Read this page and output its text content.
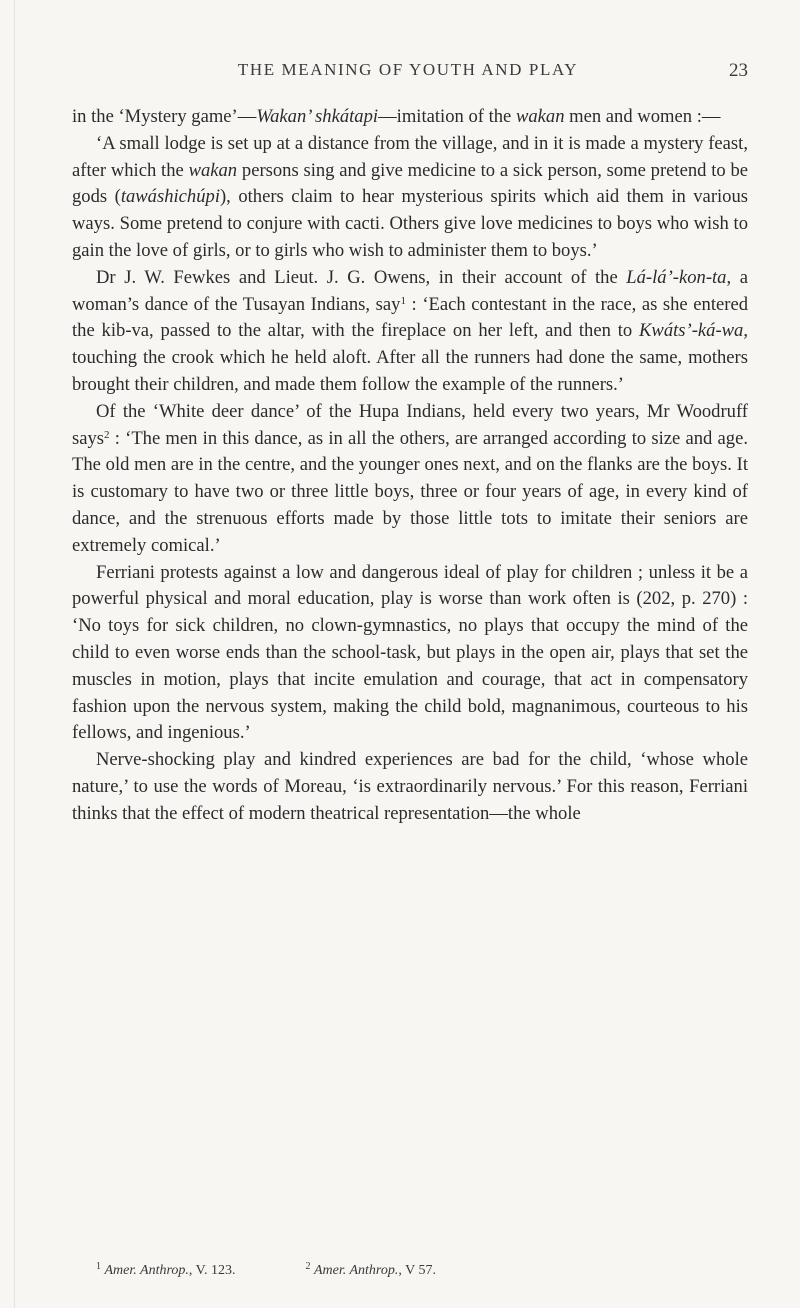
THE MEANING OF YOUTH AND PLAY	23

in the ‘Mystery game’—Wakan’ shkátapi—imitation of the wakan men and women :—

‘A small lodge is set up at a distance from the village, and in it is made a mystery feast, after which the wakan persons sing and give medicine to a sick person, some pretend to be gods (tawáshichúpi), others claim to hear mysterious spirits which aid them in various ways. Some pretend to conjure with cacti. Others give love medicines to boys who wish to gain the love of girls, or to girls who wish to administer them to boys.’

Dr J. W. Fewkes and Lieut. J. G. Owens, in their account of the Lá-lá’-kon-ta, a woman’s dance of the Tusayan Indians, say$^1$ : ‘Each contestant in the race, as she entered the kib-va, passed to the altar, with the fireplace on her left, and then to Kwáts’-ká-wa, touching the crook which he held aloft. After all the runners had done the same, mothers brought their children, and made them follow the example of the runners.’

Of the ‘White deer dance’ of the Hupa Indians, held every two years, Mr Woodruff says$^2$ : ‘The men in this dance, as in all the others, are arranged according to size and age. The old men are in the centre, and the younger ones next, and on the flanks are the boys. It is customary to have two or three little boys, three or four years of age, in every kind of dance, and the strenuous efforts made by those little tots to imitate their seniors are extremely comical.’

Ferriani protests against a low and dangerous ideal of play for children ; unless it be a powerful physical and moral education, play is worse than work often is (202, p. 270) : ‘No toys for sick children, no clown-gymnastics, no plays that occupy the mind of the child to even worse ends than the school-task, but plays in the open air, plays that set the muscles in motion, plays that incite emulation and courage, that act in compensatory fashion upon the nervous system, making the child bold, magnanimous, courteous to his fellows, and ingenious.’

Nerve-shocking play and kindred experiences are bad for the child, ‘whose whole nature,’ to use the words of Moreau, ‘is extraordinarily nervous.’ For this reason, Ferriani thinks that the effect of modern theatrical representation—the whole

$^1$ Amer. Anthrop., V. 123.	$^2$ Amer. Anthrop., V 57.
